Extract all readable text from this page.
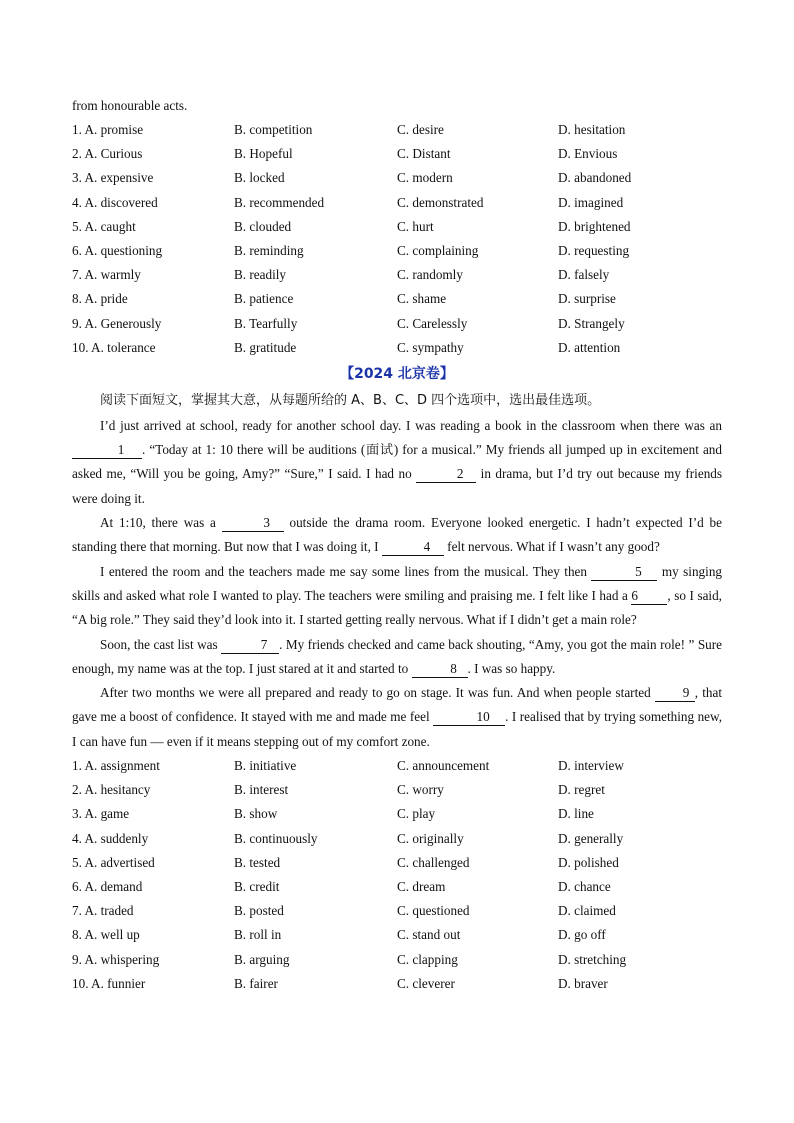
from honourable acts.
1. A. promise	B. competition	C. desire	D. hesitation
2. A. Curious	B. Hopeful	C. Distant	D. Envious
3. A. expensive	B. locked	C. modern	D. abandoned
4. A. discovered	B. recommended	C. demonstrated	D. imagined
5. A. caught	B. clouded	C. hurt	D. brightened
6. A. questioning	B. reminding	C. complaining	D. requesting
7. A. warmly	B. readily	C. randomly	D. falsely
8. A. pride	B. patience	C. shame	D. surprise
9. A. Generously	B. Tearfully	C. Carelessly	D. Strangely
10. A. tolerance	B. gratitude	C. sympathy	D. attention
【2024 北京卷】
阅读下面短文，掌握其大意，从每题所给的 A、B、C、D 四个选项中，选出最佳选项。

I’d just arrived at school, ready for another school day. I was reading a book in the classroom when there was an 1 . “Today at 1: 10 there will be auditions (面试) for a musical.” My friends all jumped up in excitement and asked me, “Will you be going, Amy?” “Sure,” I said. I had no	2 in drama, but I’d try out because my friends were doing it.

At 1:10, there was a	3 outside the drama room. Everyone looked energetic. I hadn’t expected I’d be standing there that morning. But now that I was doing it, I	4 felt nervous. What if I wasn’t any good?

I entered the room and the teachers made me say some lines from the musical. They then	5 my singing skills and asked what role I wanted to play. The teachers were smiling and praising me. I felt like I had a 6 , so I said, “A big role.” They said they’d look into it. I started getting really nervous. What if I didn’t get a main role?

Soon, the cast list was	7 . My friends checked and came back shouting, “Amy, you got the main role! ” Sure enough, my name was at the top. I just stared at it and started to	8 . I was so happy.

After two months we were all prepared and ready to go on stage. It was fun. And when people started 9 , that gave me a boost of confidence. It stayed with me and made me feel	10 . I realised that by trying something new, I can have fun — even if it means stepping out of my comfort zone.

1. A. assignment	B. initiative	C. announcement	D. interview
2. A. hesitancy	B. interest	C. worry	D. regret
3. A. game	B. show	C. play	D. line
4. A. suddenly	B. continuously	C. originally	D. generally
5. A. advertised	B. tested	C. challenged	D. polished
6. A. demand	B. credit	C. dream	D. chance
7. A. traded	B. posted	C. questioned	D. claimed
8. A. well up	B. roll in	C. stand out	D. go off
9. A. whispering	B. arguing	C. clapping	D. stretching
10. A. funnier	B. fairer	C. cleverer	D. braver
